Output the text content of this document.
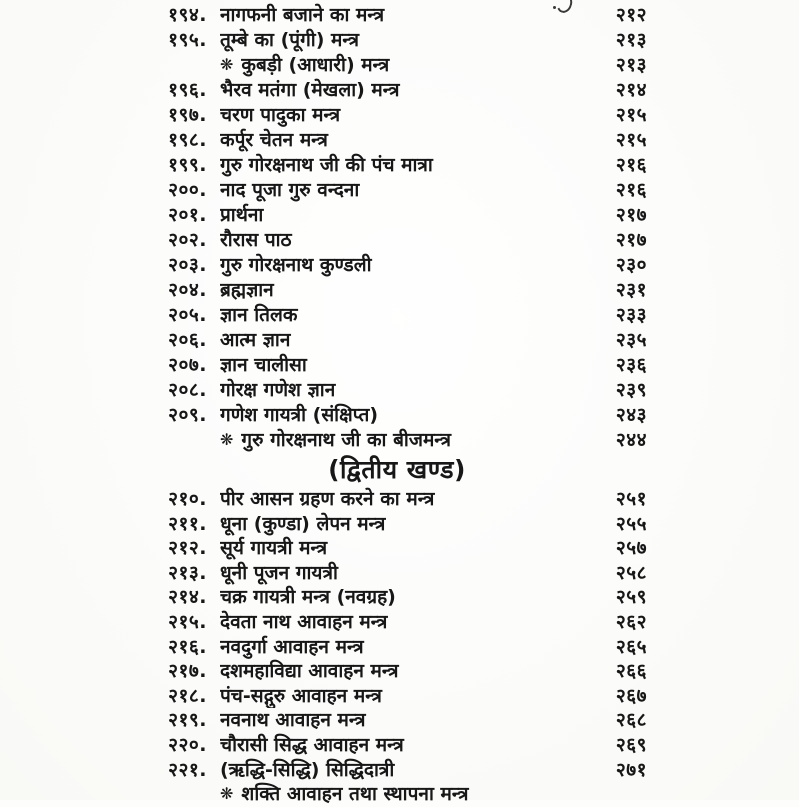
१९४. नागफनी बजाने का मन्त्र	२१२
१९५. तूम्बे का (पूंगी) मन्त्र	२१३
❋ कुबड़ी (आधारी) मन्त्र	२१३
१९६. भैरव मतंगा (मेखला) मन्त्र	२१४
१९७. चरण पादुका मन्त्र	२१५
१९८. कर्पूर चेतन मन्त्र	२१५
१९९. गुरु गोरक्षनाथ जी की पंच मात्रा	२१६
२००. नाद पूजा गुरु वन्दना	२१६
२०१. प्रार्थना	२१७
२०२. रौरास पाठ	२१७
२०३. गुरु गोरक्षनाथ कुण्डली	२३०
२०४. ब्रह्मज्ञान	२३१
२०५. ज्ञान तिलक	२३३
२०६. आत्म ज्ञान	२३५
२०७. ज्ञान चालीसा	२३६
२०८. गोरक्ष गणेश ज्ञान	२३९
२०९. गणेश गायत्री (संक्षिप्त)	२४३
❋ गुरु गोरक्षनाथ जी का बीजमन्त्र	२४४
(द्वितीय खण्ड)
२१०. पीर आसन ग्रहण करने का मन्त्र	२५१
२११. धूना (कुण्डा) लेपन मन्त्र	२५५
२१२. सूर्य गायत्री मन्त्र	२५७
२१३. धूनी पूजन गायत्री	२५८
२१४. चक्र गायत्री मन्त्र (नवग्रह)	२५९
२१५. देवता नाथ आवाहन मन्त्र	२६२
२१६. नवदुर्गा आवाहन मन्त्र	२६५
२१७. दशमहाविद्या आवाहन मन्त्र	२६६
२१८. पंच-सद्गुरु आवाहन मन्त्र	२६७
२१९. नवनाथ आवाहन मन्त्र	२६८
२२०. चौरासी सिद्ध आवाहन मन्त्र	२६९
२२१. (ऋद्धि-सिद्धि) सिद्धिदात्री	२७१
❋ शक्ति आवाहन तथा स्थापना मन्त्र
